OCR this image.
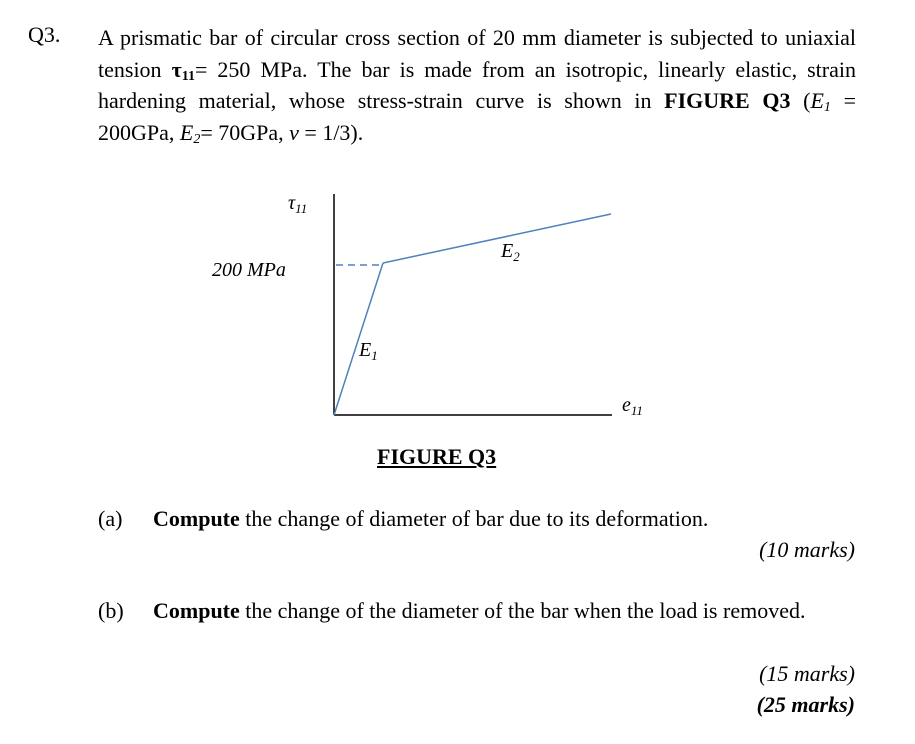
Q3. A prismatic bar of circular cross section of 20 mm diameter is subjected to uniaxial tension $\tau_{11}= 250$ MPa. The bar is made from an isotropic, linearly elastic, strain hardening material, whose stress-strain curve is shown in FIGURE Q3 ($E_1 = 200GPa$, $E_2= 70GPa$, ν = 1/3).
$\tau_{11}$
200 MPa
$E_2$
$E_1$
$e_{11}$
FIGURE Q3
(a) Compute the change of diameter of bar due to its deformation.
(10 marks)
(b) Compute the change of the diameter of the bar when the load is removed.
(15 marks)
(25 marks)
